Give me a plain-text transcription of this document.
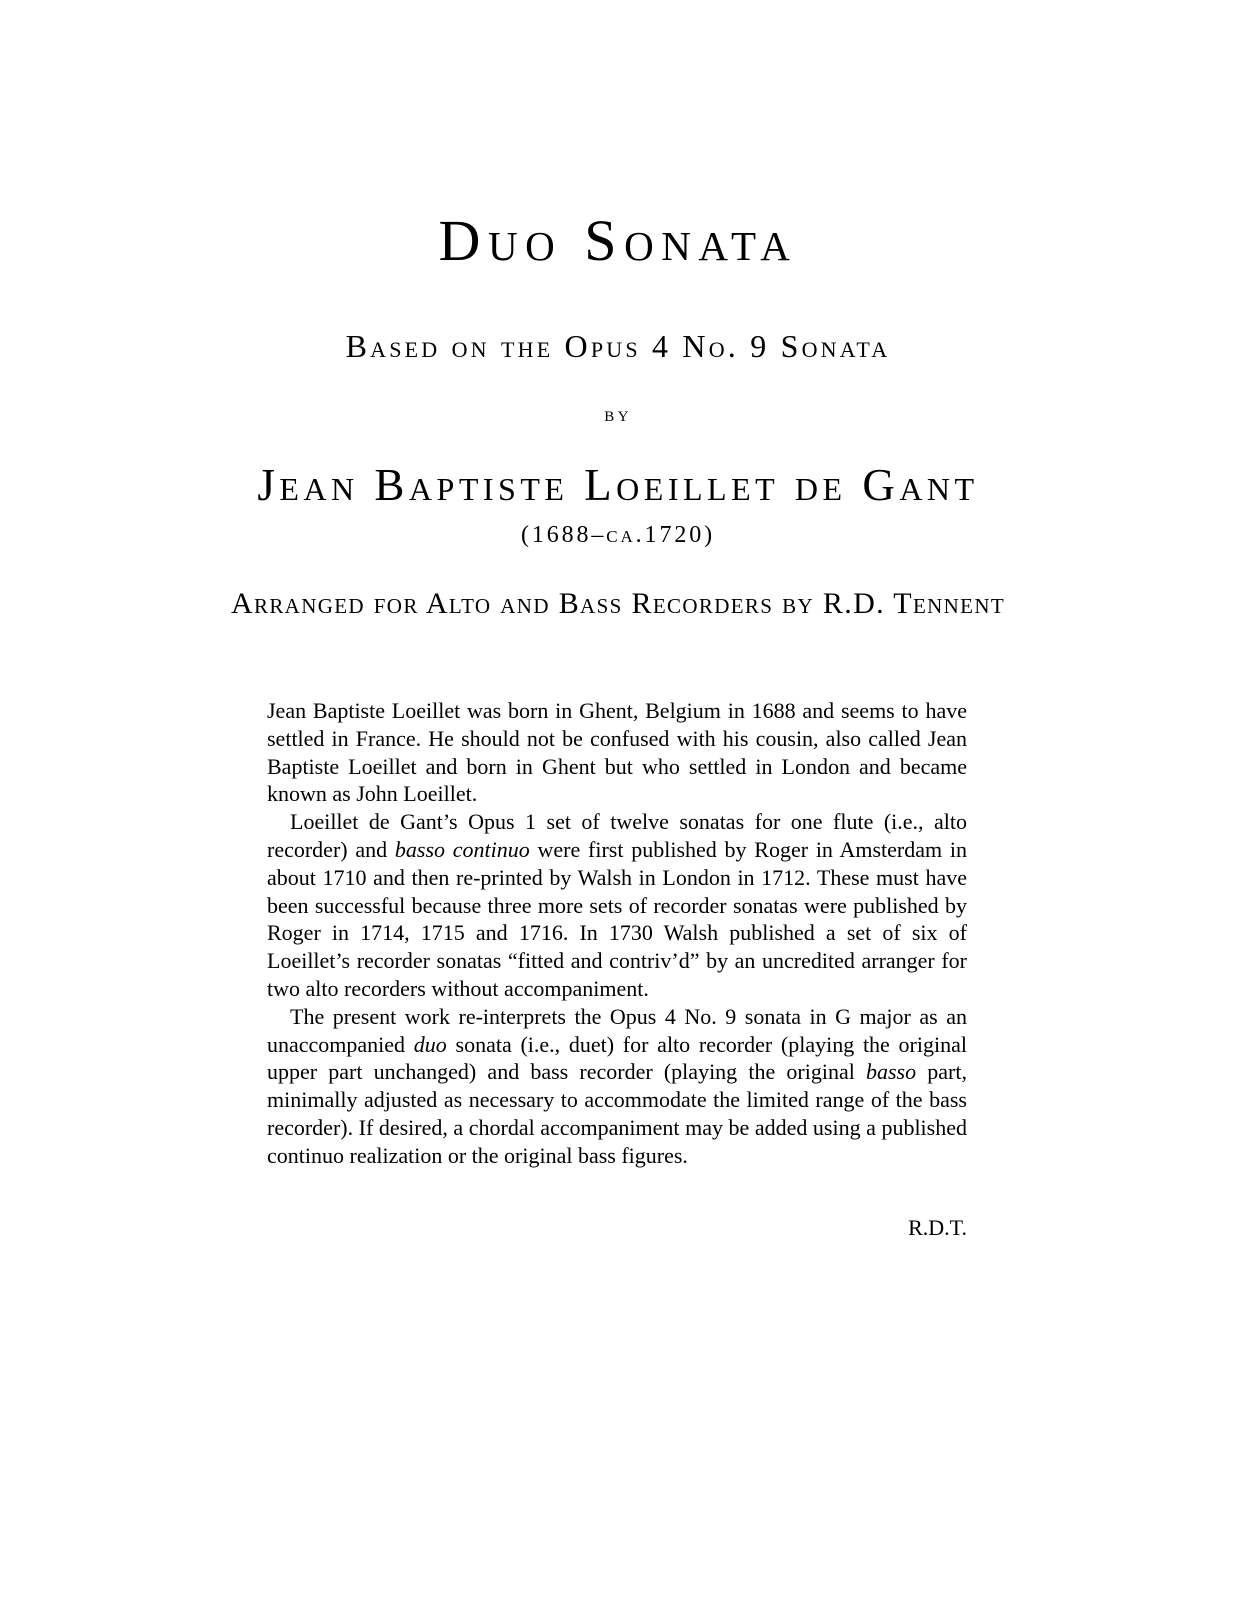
Duo Sonata
Based on the Opus 4 No. 9 Sonata
by
Jean Baptiste Loeillet de Gant
(1688–ca.1720)
Arranged for Alto and Bass Recorders by R.D. Tennent

Jean Baptiste Loeillet was born in Ghent, Belgium in 1688 and seems to have settled in France. He should not be confused with his cousin, also called Jean Baptiste Loeillet and born in Ghent but who settled in London and became known as John Loeillet.

Loeillet de Gant’s Opus 1 set of twelve sonatas for one flute (i.e., alto recorder) and basso continuo were first published by Roger in Amsterdam in about 1710 and then re-printed by Walsh in London in 1712. These must have been successful because three more sets of recorder sonatas were published by Roger in 1714, 1715 and 1716. In 1730 Walsh published a set of six of Loeillet’s recorder sonatas “fitted and contriv’d” by an uncredited arranger for two alto recorders without accompaniment.

The present work re-interprets the Opus 4 No. 9 sonata in G major as an unaccompanied duo sonata (i.e., duet) for alto recorder (playing the original upper part unchanged) and bass recorder (playing the original basso part, minimally adjusted as necessary to accommodate the limited range of the bass recorder). If desired, a chordal accompaniment may be added using a published continuo realization or the original bass figures.

R.D.T.
